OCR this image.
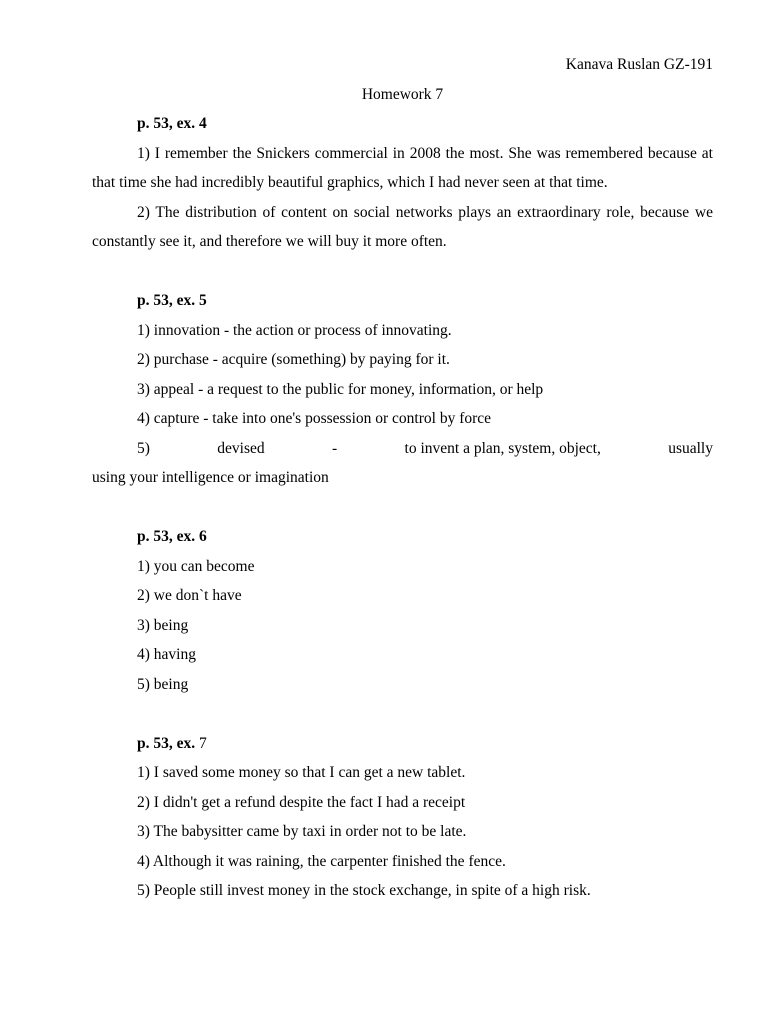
Kanava Ruslan GZ-191

Homework 7

p. 53, ex. 4

1) I remember the Snickers commercial in 2008 the most. She was remembered because at that time she had incredibly beautiful graphics, which I had never seen at that time.

2) The distribution of content on social networks plays an extraordinary role, because we constantly see it, and therefore we will buy it more often.

p. 53, ex. 5

1) innovation - the action or process of innovating.

2) purchase - acquire (something) by paying for it.

3) appeal - a request to the public for money, information, or help

4) capture - take into one's possession or control by force

5)	devised	-	to invent a plan, system, object,	usually

using your intelligence or imagination

p. 53, ex. 6

1) you can become

2) we don`t have

3) being

4) having

5) being

p. 53, ex. 7

1) I saved some money so that I can get a new tablet.

2) I didn't get a refund despite the fact I had a receipt

3) The babysitter came by taxi in order not to be late.

4) Although it was raining, the carpenter finished the fence.

5) People still invest money in the stock exchange, in spite of a high risk.
